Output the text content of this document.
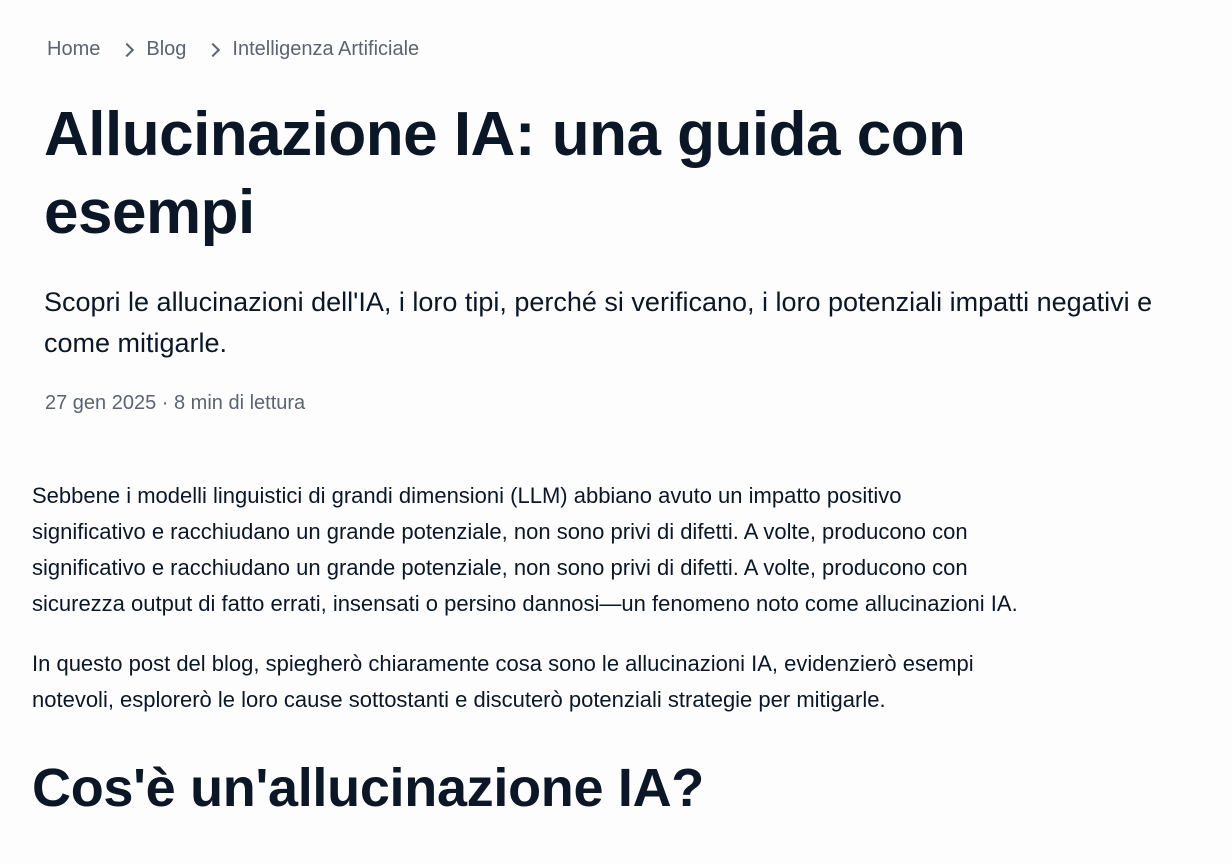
Home Blog Intelligenza Artificiale
Allucinazione IA: una guida con esempi

Scopri le allucinazioni dell'IA, i loro tipi, perché si verificano, i loro potenziali impatti negativi e come mitigarle.

27 gen 2025 · 8 min di lettura

Sebbene i modelli linguistici di grandi dimensioni (LLM) abbiano avuto un impatto positivo
significativo e racchiudano un grande potenziale, non sono privi di difetti. A volte, producono con
significativo e racchiudano un grande potenziale, non sono privi di difetti. A volte, producono con
sicurezza output di fatto errati, insensati o persino dannosi—un fenomeno noto come allucinazioni IA.

In questo post del blog, spiegherò chiaramente cosa sono le allucinazioni IA, evidenzierò esempi
notevoli, esplorerò le loro cause sottostanti e discuterò potenziali strategie per mitigarle.

Cos'è un'allucinazione IA?
